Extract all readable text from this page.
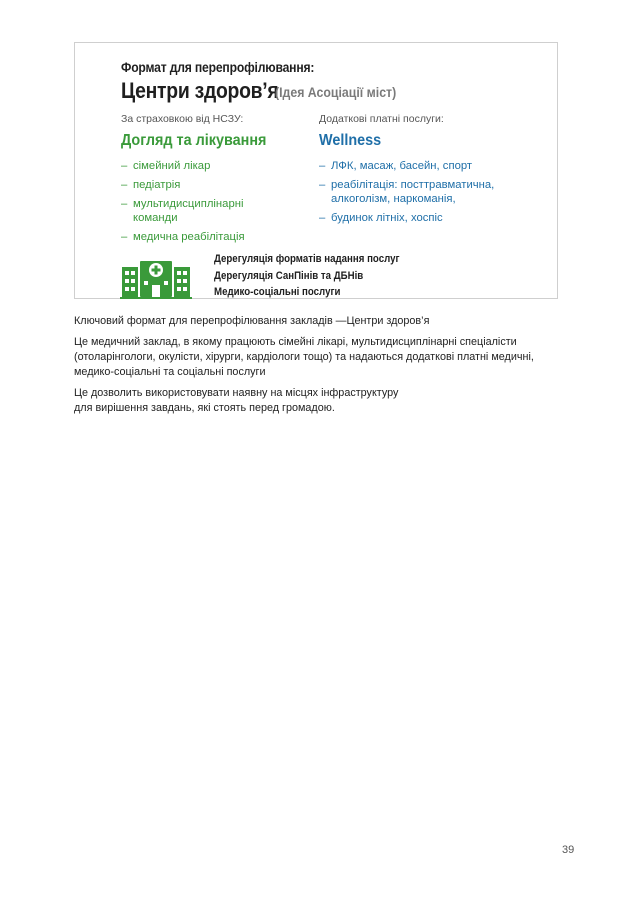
Формат для перепрофілювання:
Центри здоров’я
(Ідея Асоціації міст)
За страховкою від НСЗУ:
Догляд та лікування
– сімейний лікар
– педіатрія
– мультидисциплінарні команди
– медична реабілітація
Додаткові платні послуги:
Wellness
– ЛФК, масаж, басейн, спорт
– реабілітація: посттравматична, алкоголізм, наркоманія,
– будинок літніх, хоспіс
Дерегуляція форматів надання послуг
Дерегуляція СанПінів та ДБНів
Медико-соціальні послуги

Ключовий формат для перепрофілювання закладів —Центри здоров’я

Це медичний заклад, в якому працюють сімейні лікарі, мультидисциплінарні спеціалісти (отоларінгологи, окулісти, хірурги, кардіологи тощо) та надаються додаткові платні медичні, медико-соціальні та соціальні послуги

Це дозволить використовувати наявну на місцях інфраструктуру для вирішення завдань, які стоять перед громадою.

39
